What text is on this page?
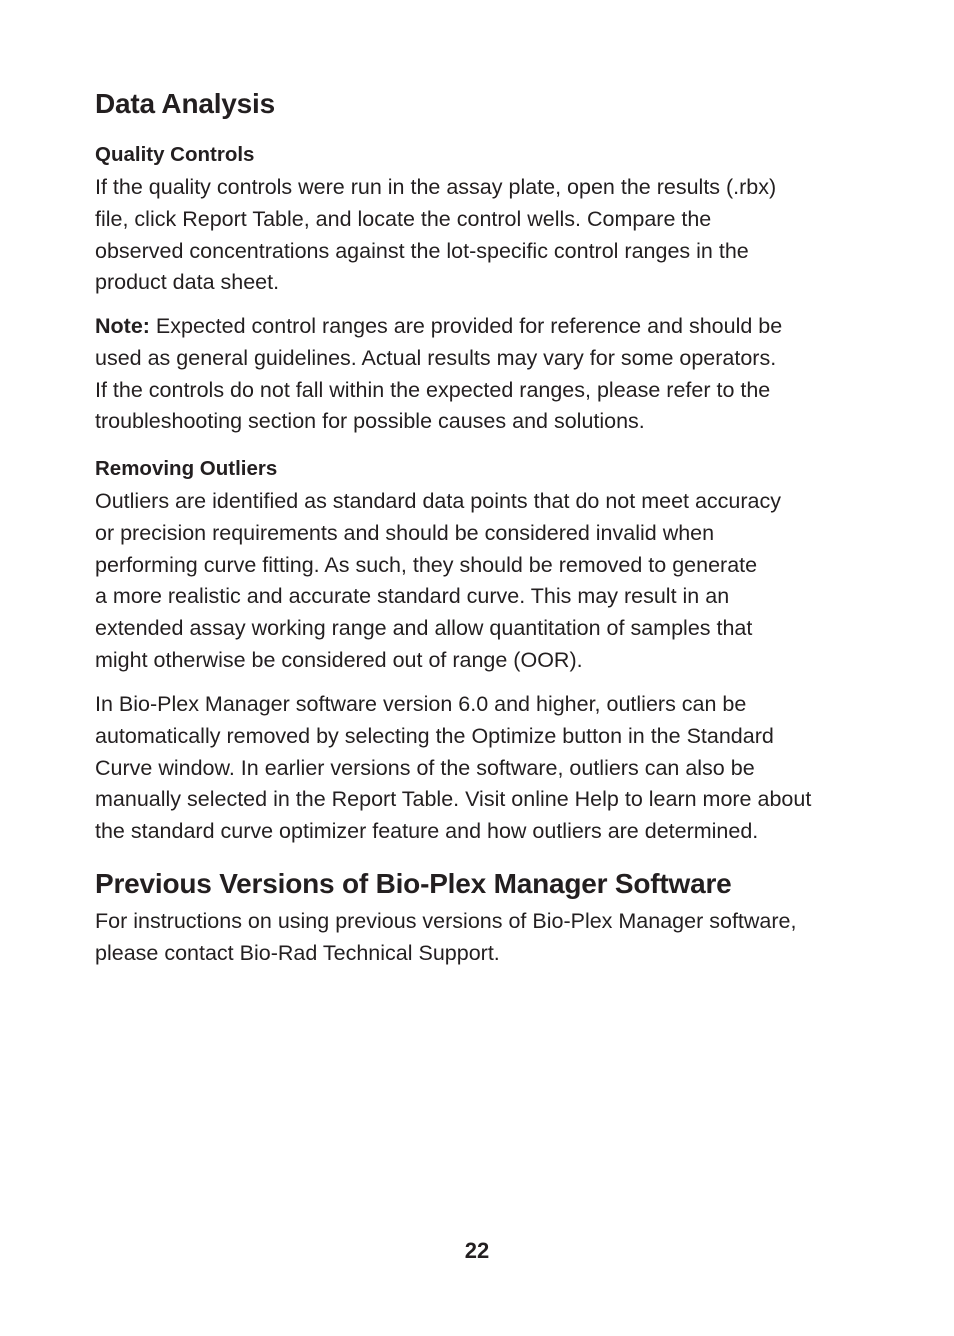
Data Analysis
Quality Controls

If the quality controls were run in the assay plate, open the results (.rbx)
file, click Report Table, and locate the control wells. Compare the
observed concentrations against the lot-specific control ranges in the
product data sheet.

Note: Expected control ranges are provided for reference and should be
used as general guidelines. Actual results may vary for some operators.
If the controls do not fall within the expected ranges, please refer to the
troubleshooting section for possible causes and solutions.

Removing Outliers

Outliers are identified as standard data points that do not meet accuracy
or precision requirements and should be considered invalid when
performing curve fitting. As such, they should be removed to generate
a more realistic and accurate standard curve. This may result in an
extended assay working range and allow quantitation of samples that
might otherwise be considered out of range (OOR).

In Bio-Plex Manager software version 6.0 and higher, outliers can be
automatically removed by selecting the Optimize button in the Standard
Curve window. In earlier versions of the software, outliers can also be
manually selected in the Report Table. Visit online Help to learn more about
the standard curve optimizer feature and how outliers are determined.

Previous Versions of Bio-Plex Manager Software

For instructions on using previous versions of Bio-Plex Manager software,
please contact Bio-Rad Technical Support.

22
